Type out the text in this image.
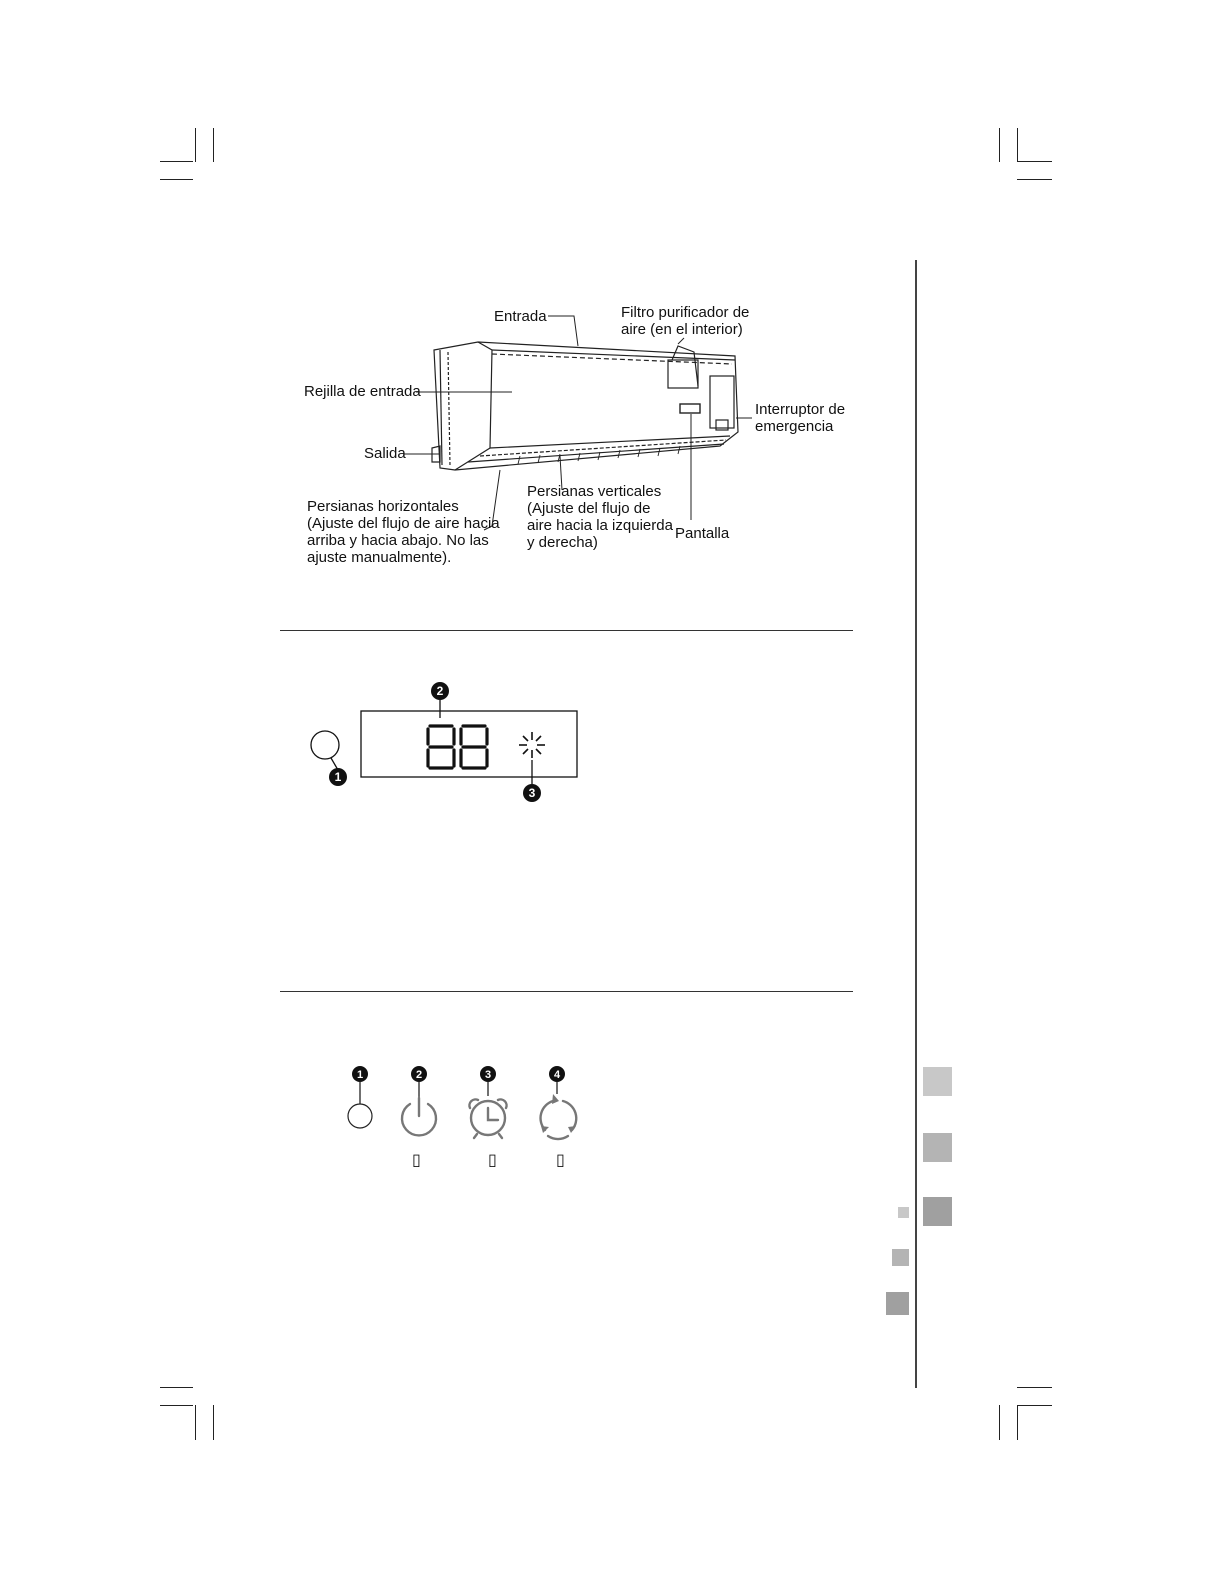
Entrada	Filtro purificador de
aire (en el interior)
Rejilla de entrada
Interruptor de
emergencia
Salida
Persianas horizontales
(Ajuste del flujo de aire hacia
arriba y hacia abajo. No las
ajuste manualmente).
Persianas verticales
(Ajuste del flujo de
aire hacia la izquierda
y derecha)
Pantalla
1
2
3
1	2	3	4
▯	▯	▯
